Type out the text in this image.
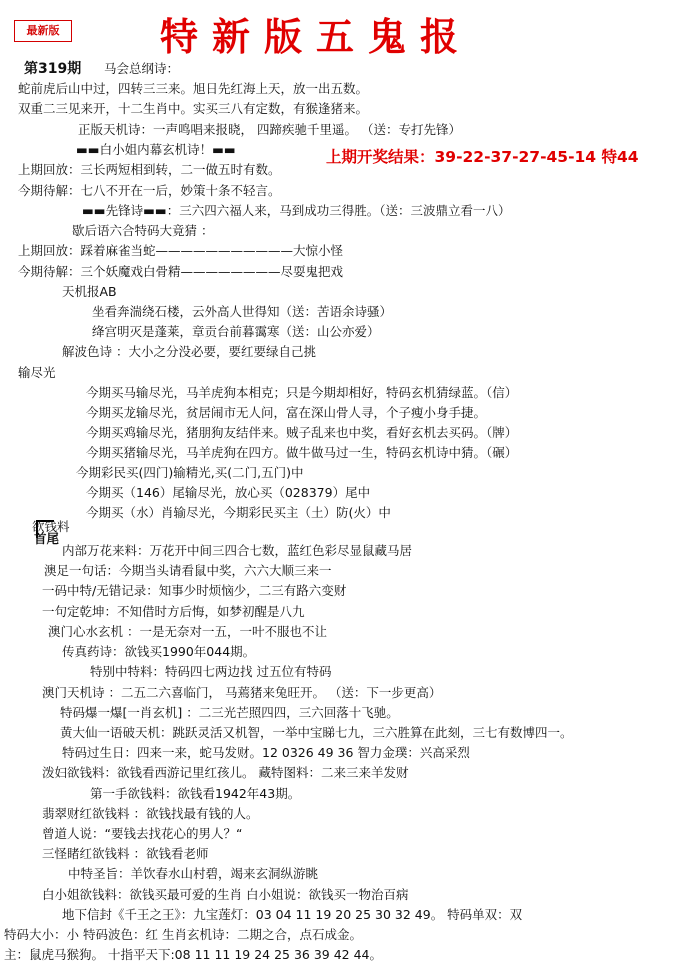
最新版	特新版五鬼报
第319期 马会总纲诗：
蛇前虎后山中过，四转三三来。旭日先红海上天，放一出五数。
双重二三见来开，十二生肖中。实买三八有定数，有猴逢猪来。
正版天机诗：一声鸣唱来报晓， 四蹄疾驰千里遥。 （送：专打先锋）
▬▬白小姐内幕玄机诗！▬▬	上期开奖结果：39-22-37-27-45-14 特44
上期回放：三长两短相到转，二一做五时有数。
今期待解：七八不开在一后，妙策十条不轻言。
▬▬先锋诗▬▬：三六四六福人来，马到成功三得胜。（送：三波鼎立看一八）
歇后语六合特码大竟猜 ：
上期回放：踩着麻雀当蛇———————————大惊小怪
今期待解：三个妖魔戏白骨精————————尽耍鬼把戏
天机报AB
坐看奔湍绕石楼，云外高人世得知（送：苦语余诗骚）
绛宫明灭是蓬莱，章贡台前暮霭寒（送：山公亦爱）
解波色诗 ：大小之分没必要，要红要绿自己挑
输尽光
今期买马输尽光，马羊虎狗本相克；只是今期却相好，特码玄机猜绿蓝。（信）
今期买龙输尽光，贫居闹市无人问，富在深山骨人寻，个子瘦小身手捷。
今期买鸡输尽光，猪朋狗友结伴来。贼子乱来也中奖，看好玄机去买码。（牌）
今期买猪输尽光，马羊虎狗在四方。做牛做马过一生，特码玄机诗中猜。（碾）
今期彩民买(四门)输精光,买(二门,五门)中
今期买（146）尾输尽光，放心买（028379）尾中
今期买（水）肖输尽光，今期彩民买主（土）防(火）中
欲钱料
首尾
内部万花来料：万花开中间三四合七数，蓝红色彩尽显鼠藏马居
澳足一句话：今期当头请看鼠中奖，六六大顺三来一
一码中特/无错记录：知事少时烦恼少，二三有路六变财
一句定乾坤：不知借时方后悔，如梦初醒是八九
澳门心水玄机 ：一是无奈对一五，一叶不服也不让
传真药诗：欲钱买1990年044期。
特别中特料：特码四七两边找 过五位有特码
澳门天机诗 ：二五二六喜临门， 马蔫猪来兔旺开。 （送：下一步更高）
特码爆一爆[一肖玄机] ：二三光芒照四四，三六回落十飞驰。
黄大仙一语破天机：跳跃灵活又机智，一举中宝睇七九，三六胜算在此刻，三七有数博四一。
特码过生日：四来一来，蛇马发财。12 0326 49 36 智力金璞：兴高采烈
泼妇欲钱料：欲钱看西游记里红孩儿。 藏特图料：二来三来羊发财
第一手欲钱料：欲钱看1942年43期。
翡翠财红欲钱料 ：欲钱找最有钱的人。
曾道人说：“要钱去找花心的男人？“
三怪睹红欲钱料 ：欲钱看老师
中特圣旨：羊饮春水山村碧，竭来玄洞纵游眺
白小姐欲钱料：欲钱买最可爱的生肖 白小姐说：欲钱买一物治百病
地下信封《千王之王》：九宝莲灯：03 04 11 19 20 25 30 32 49。 特码单双：双
特码大小：小 特码波色：红 生肖玄机诗：二期之合，点石成金。
主：鼠虎马猴狗。 十指平天下:08 11 11 19 24 25 36 39 42 44。
